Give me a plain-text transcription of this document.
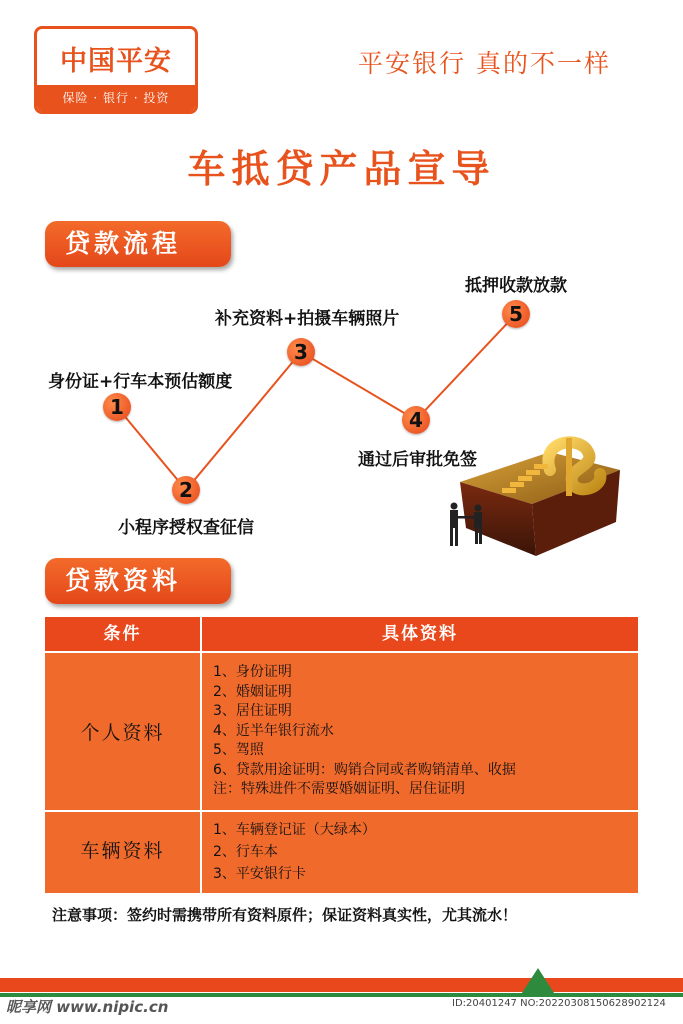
中国平安
保险 · 银行 · 投资
平安银行 真的不一样
车抵贷产品宣导
贷款流程
1
2
3
4
5
身份证+行车本预估额度
小程序授权查征信
补充资料+拍摄车辆照片
通过后审批免签
抵押收款放款
贷款资料
条件	具体资料
个人资料
1、身份证明
2、婚姻证明
3、居住证明
4、近半年银行流水
5、驾照
6、贷款用途证明：购销合同或者购销清单、收据
注：特殊进件不需要婚姻证明、居住证明
车辆资料
1、车辆登记证（大绿本）
2、行车本
3、平安银行卡
注意事项：签约时需携带所有资料原件；保证资料真实性，尤其流水！
昵享网 www.nipic.cn	ID:20401247 NO:20220308150628902124
